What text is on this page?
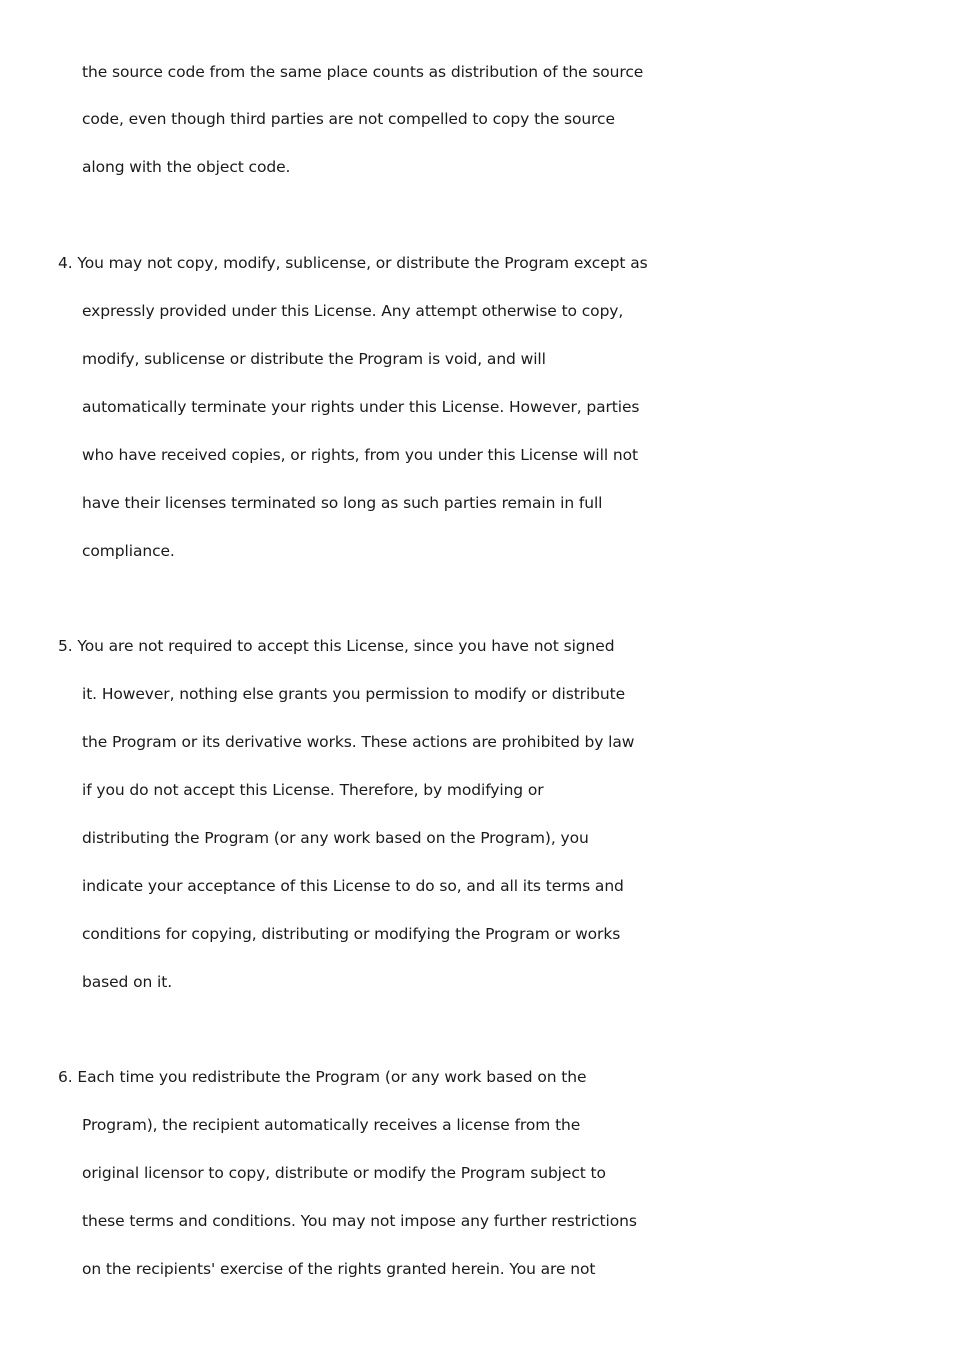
the source code from the same place counts as distribution of the source
code, even though third parties are not compelled to copy the source
along with the object code.
4. You may not copy, modify, sublicense, or distribute the Program except as
expressly provided under this License. Any attempt otherwise to copy,
modify, sublicense or distribute the Program is void, and will
automatically terminate your rights under this License. However, parties
who have received copies, or rights, from you under this License will not
have their licenses terminated so long as such parties remain in full
compliance.
5. You are not required to accept this License, since you have not signed
it. However, nothing else grants you permission to modify or distribute
the Program or its derivative works. These actions are prohibited by law
if you do not accept this License. Therefore, by modifying or
distributing the Program (or any work based on the Program), you
indicate your acceptance of this License to do so, and all its terms and
conditions for copying, distributing or modifying the Program or works
based on it.
6. Each time you redistribute the Program (or any work based on the
Program), the recipient automatically receives a license from the
original licensor to copy, distribute or modify the Program subject to
these terms and conditions. You may not impose any further restrictions
on the recipients' exercise of the rights granted herein. You are not
